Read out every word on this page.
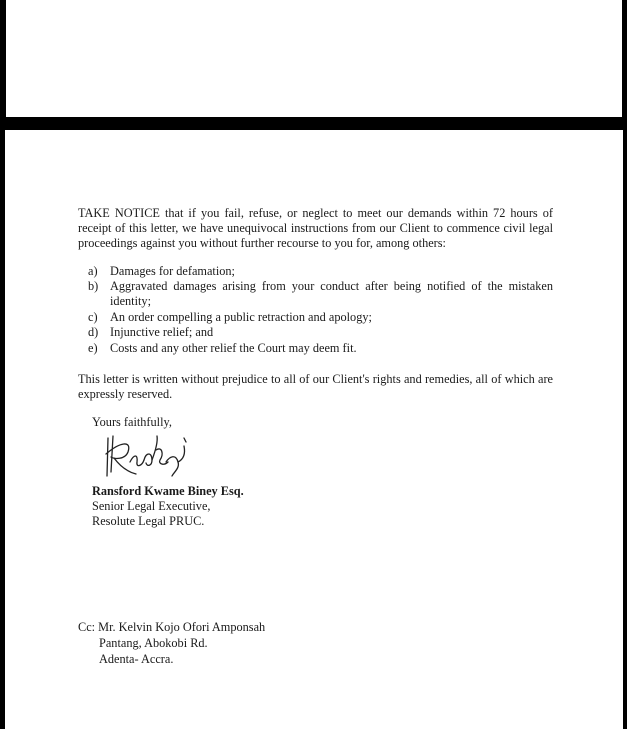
TAKE NOTICE that if you fail, refuse, or neglect to meet our demands within 72 hours of
receipt of this letter, we have unequivocal instructions from our Client to commence civil legal
proceedings against you without further recourse to you for, among others:
a) Damages for defamation;
b) Aggravated damages arising from your conduct after being notified of the mistaken
identity;
c) An order compelling a public retraction and apology;
d) Injunctive relief; and
e) Costs and any other relief the Court may deem fit.
This letter is written without prejudice to all of our Client's rights and remedies, all of which are
expressly reserved.
Yours faithfully,
Ransford Kwame Biney Esq.
Senior Legal Executive,
Resolute Legal PRUC.
Cc: Mr. Kelvin Kojo Ofori Amponsah
Pantang, Abokobi Rd.
Adenta- Accra.
